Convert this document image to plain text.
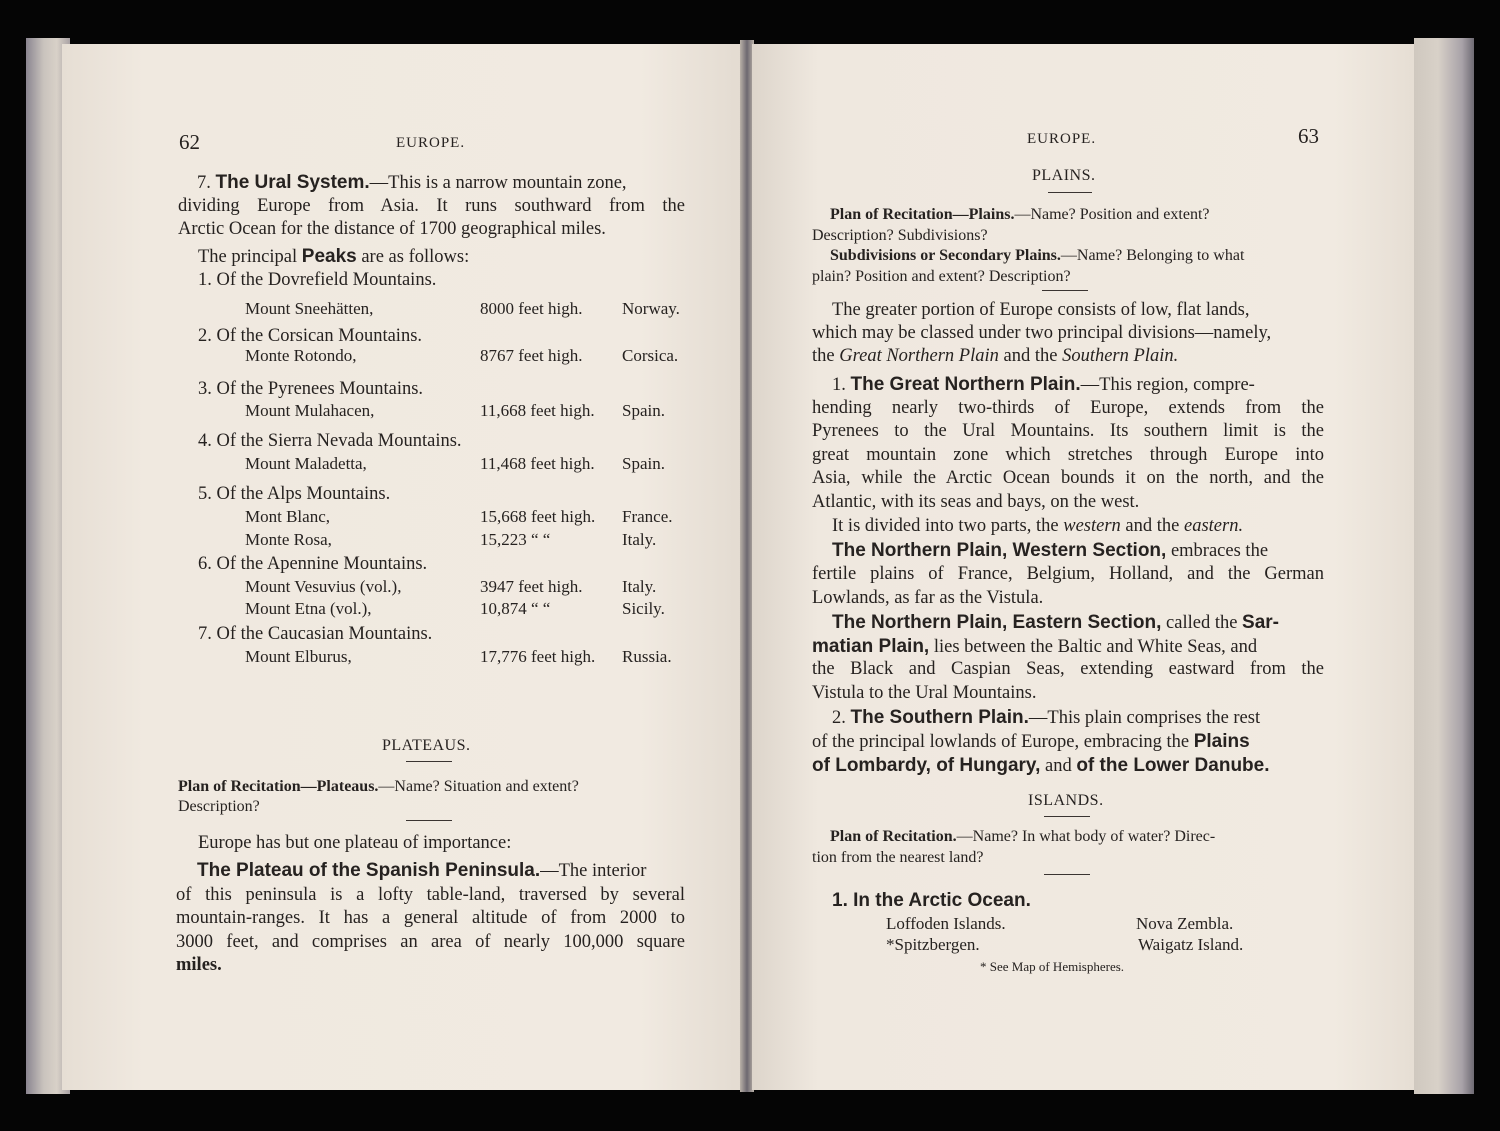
62	EUROPE.
7. The Ural System.—This is a narrow mountain zone,
dividing Europe from Asia. It runs southward from the
Arctic Ocean for the distance of 1700 geographical miles.
The principal Peaks are as follows:
PLATEAUS.
Plan of Recitation—Plateaus.—Name? Situation and extent?
Description?
Europe has but one plateau of importance:
The Plateau of the Spanish Peninsula.—The interior
of this peninsula is a lofty table-land, traversed by several
mountain-ranges. It has a general altitude of from 2000 to
3000 feet, and comprises an area of nearly 100,000 square
miles.
1. Of the Dovrefield Mountains.
Mount Sneehätten,	8000 feet high. Norway.
2. Of the Corsican Mountains.
Monte Rotondo,	8767 feet high. Corsica.
3. Of the Pyrenees Mountains.
Mount Mulahacen,	11,668 feet high. Spain.
4. Of the Sierra Nevada Mountains.
Mount Maladetta,	11,468 feet high. Spain.
5. Of the Alps Mountains.
Mont Blanc,	15,668 feet high. France.
Monte Rosa,	15,223 “ “	Italy.
6. Of the Apennine Mountains.
Mount Vesuvius (vol.),	3947 feet high. Italy.
Mount Etna (vol.),	10,874 “ “	Sicily.
7. Of the Caucasian Mountains.
Mount Elburus,	17,776 feet high. Russia.
EUROPE.	63
PLAINS.
Plan of Recitation—Plains.—Name? Position and extent?
Description? Subdivisions?
Subdivisions or Secondary Plains.—Name? Belonging to what
plain? Position and extent? Description?
The greater portion of Europe consists of low, flat lands,
which may be classed under two principal divisions—namely,
the Great Northern Plain and the Southern Plain.
1. The Great Northern Plain.—This region, compre-
hending nearly two-thirds of Europe, extends from the
Pyrenees to the Ural Mountains. Its southern limit is the
great mountain zone which stretches through Europe into
Asia, while the Arctic Ocean bounds it on the north, and the
Atlantic, with its seas and bays, on the west.
It is divided into two parts, the western and the eastern.
The Northern Plain, Western Section, embraces the
fertile plains of France, Belgium, Holland, and the German
Lowlands, as far as the Vistula.
The Northern Plain, Eastern Section, called the Sar-
matian Plain, lies between the Baltic and White Seas, and
the Black and Caspian Seas, extending eastward from the
Vistula to the Ural Mountains.
2. The Southern Plain.—This plain comprises the rest
of the principal lowlands of Europe, embracing the Plains
of Lombardy, of Hungary, and of the Lower Danube.
ISLANDS.
Plan of Recitation.—Name? In what body of water? Direc-
tion from the nearest land?
1. In the Arctic Ocean.
Loffoden Islands.	Nova Zembla.
*Spitzbergen.	Waigatz Island.
* See Map of Hemispheres.
